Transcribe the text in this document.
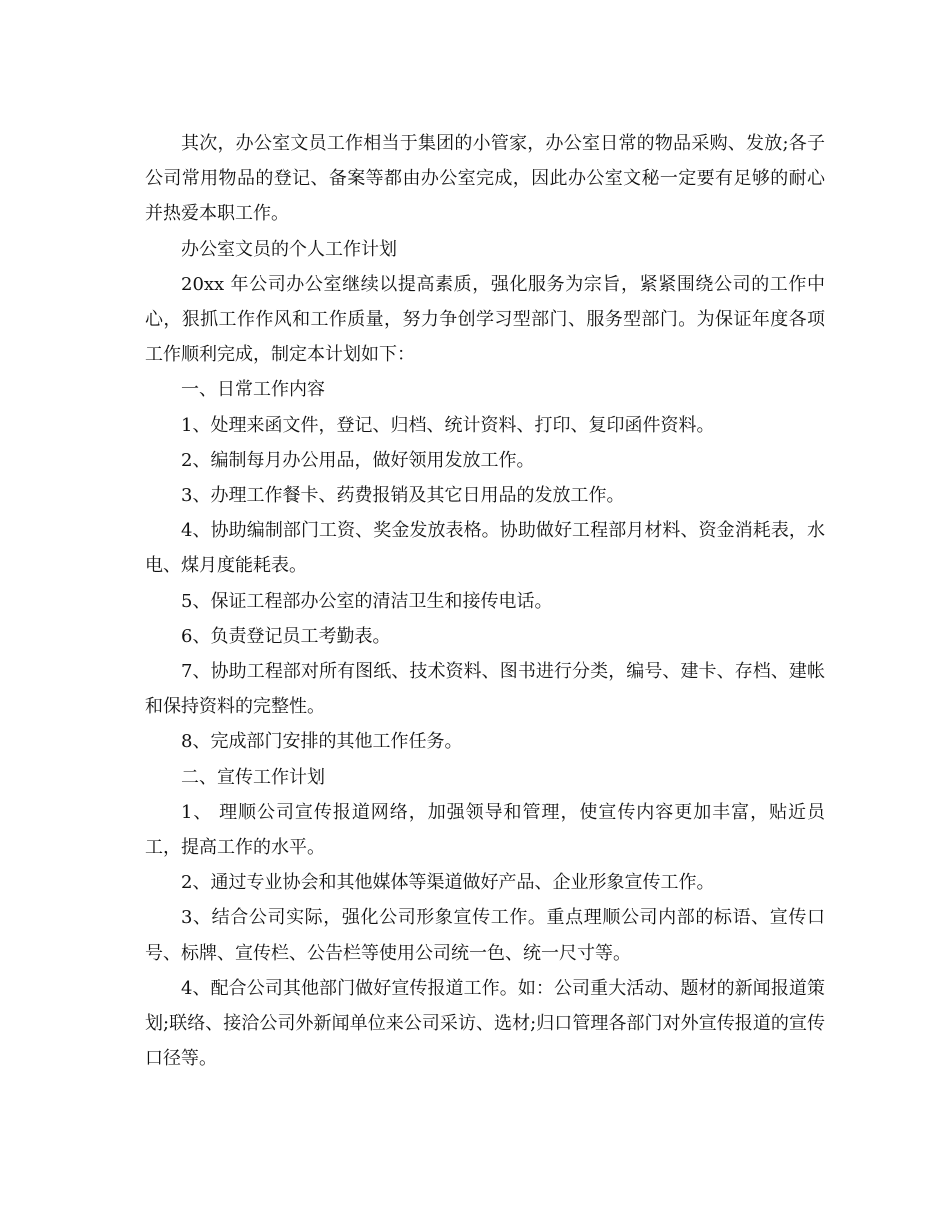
其次，办公室文员工作相当于集团的小管家，办公室日常的物品采购、发放;各子公司常用物品的登记、备案等都由办公室完成，因此办公室文秘一定要有足够的耐心并热爱本职工作。

办公室文员的个人工作计划

20xx 年公司办公室继续以提高素质，强化服务为宗旨，紧紧围绕公司的工作中心，狠抓工作作风和工作质量，努力争创学习型部门、服务型部门。为保证年度各项工作顺利完成，制定本计划如下：

一、日常工作内容

1、处理来函文件，登记、归档、统计资料、打印、复印函件资料。

2、编制每月办公用品，做好领用发放工作。

3、办理工作餐卡、药费报销及其它日用品的发放工作。

4、协助编制部门工资、奖金发放表格。协助做好工程部月材料、资金消耗表，水电、煤月度能耗表。

5、保证工程部办公室的清洁卫生和接传电话。

6、负责登记员工考勤表。

7、协助工程部对所有图纸、技术资料、图书进行分类，编号、建卡、存档、建帐和保持资料的完整性。

8、完成部门安排的其他工作任务。

二、宣传工作计划

1、 理顺公司宣传报道网络，加强领导和管理，使宣传内容更加丰富，贴近员工，提高工作的水平。

2、通过专业协会和其他媒体等渠道做好产品、企业形象宣传工作。

3、结合公司实际，强化公司形象宣传工作。重点理顺公司内部的标语、宣传口号、标牌、宣传栏、公告栏等使用公司统一色、统一尺寸等。

4、配合公司其他部门做好宣传报道工作。如：公司重大活动、题材的新闻报道策划;联络、接洽公司外新闻单位来公司采访、选材;归口管理各部门对外宣传报道的宣传口径等。
